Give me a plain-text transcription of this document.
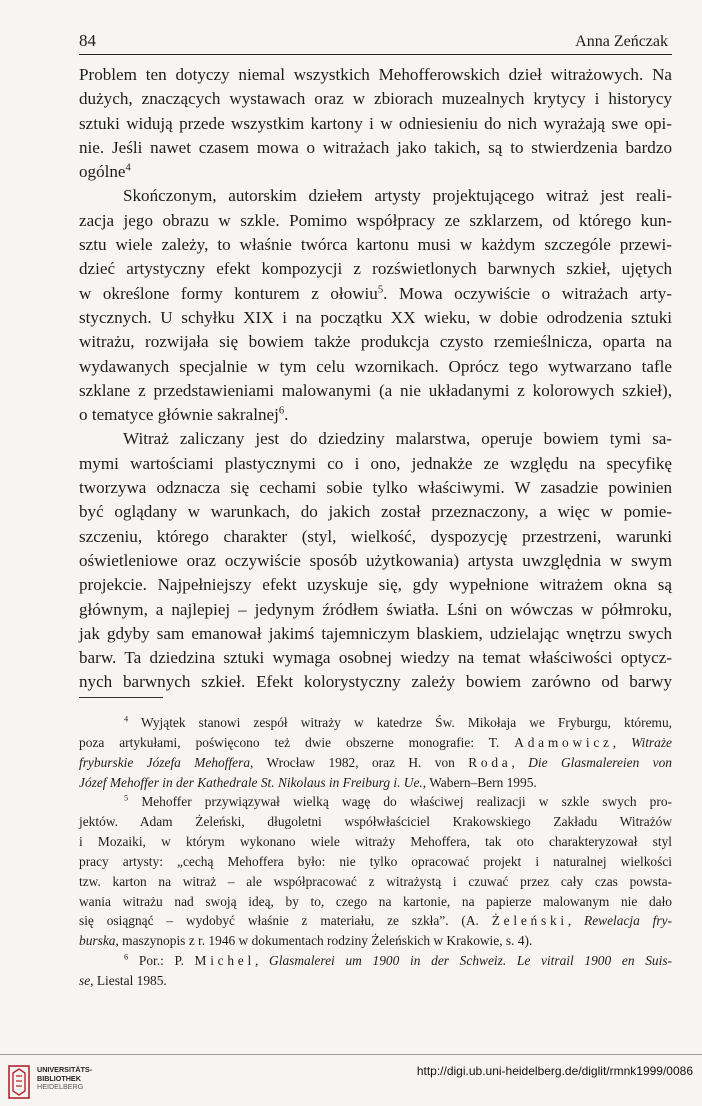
84	Anna Zeńczak
Problem ten dotyczy niemal wszystkich Mehofferowskich dzieł witrażowych. Na
dużych, znaczących wystawach oraz w zbiorach muzealnych krytycy i historycy
sztuki widują przede wszystkim kartony i w odniesieniu do nich wyrażają swe opi-
nie. Jeśli nawet czasem mowa o witrażach jako takich, są to stwierdzenia bardzo
ogólne$^4$
Skończonym, autorskim dziełem artysty projektującego witraż jest reali-
zacja jego obrazu w szkle. Pomimo współpracy ze szklarzem, od którego kun-
sztu wiele zależy, to właśnie twórca kartonu musi w każdym szczególe przewi-
dzieć artystyczny efekt kompozycji z rozświetlonych barwnych szkieł, ujętych
w określone formy konturem z ołowiu$^5$. Mowa oczywiście o witrażach arty-
stycznych. U schyłku XIX i na początku XX wieku, w dobie odrodzenia sztuki
witrażu, rozwijała się bowiem także produkcja czysto rzemieślnicza, oparta na
wydawanych specjalnie w tym celu wzornikach. Oprócz tego wytwarzano tafle
szklane z przedstawieniami malowanymi (a nie układanymi z kolorowych szkieł),
o tematyce głównie sakralnej$^6$.
Witraż zaliczany jest do dziedziny malarstwa, operuje bowiem tymi sa-
mymi wartościami plastycznymi co i ono, jednakże ze względu na specyfikę
tworzywa odznacza się cechami sobie tylko właściwymi. W zasadzie powinien
być oglądany w warunkach, do jakich został przeznaczony, a więc w pomie-
szczeniu, którego charakter (styl, wielkość, dyspozycję przestrzeni, warunki
oświetleniowe oraz oczywiście sposób użytkowania) artysta uwzględnia w swym
projekcie. Najpełniejszy efekt uzyskuje się, gdy wypełnione witrażem okna są
głównym, a najlepiej – jedynym źródłem światła. Lśni on wówczas w półmroku,
jak gdyby sam emanował jakimś tajemniczym blaskiem, udzielając wnętrzu swych
barw. Ta dziedzina sztuki wymaga osobnej wiedzy na temat właściwości optycz-
nych barwnych szkieł. Efekt kolorystyczny zależy bowiem zarówno od barwy
$^4$ Wyjątek stanowi zespół witraży w katedrze Św. Mikołaja we Fryburgu, któremu,
poza artykułami, poświęcono też dwie obszerne monografie: T. Adamowicz, Witraże
fryburskie Józefa Mehoffera, Wrocław 1982, oraz H. von Roda, Die Glasmalereien von
Józef Mehoffer in der Kathedrale St. Nikolaus in Freiburg i. Ue., Wabern–Bern 1995.
$^5$ Mehoffer przywiązywał wielką wagę do właściwej realizacji w szkle swych pro-
jektów. Adam Żeleński, długoletni współwłaściciel Krakowskiego Zakładu Witrażów
i Mozaiki, w którym wykonano wiele witraży Mehoffera, tak oto charakteryzował styl
pracy artysty: „cechą Mehoffera było: nie tylko opracować projekt i naturalnej wielkości
tzw. karton na witraż – ale współpracować z witrażystą i czuwać przez cały czas powsta-
wania witrażu nad swoją ideą, by to, czego na kartonie, na papierze malowanym nie dało
się osiągnąć – wydobyć właśnie z materiału, ze szkła”. (A. Żeleński, Rewelacja fry-
burska, maszynopis z r. 1946 w dokumentach rodziny Żeleńskich w Krakowie, s. 4).
$^6$ Por.: P. Michel, Glasmalerei um 1900 in der Schweiz. Le vitrail 1900 en Suis-
se, Liestal 1985.
UNIVERSITÄTS-
BIBLIOTHEK
HEIDELBERG
http://digi.ub.uni-heidelberg.de/diglit/rmnk1999/0086
